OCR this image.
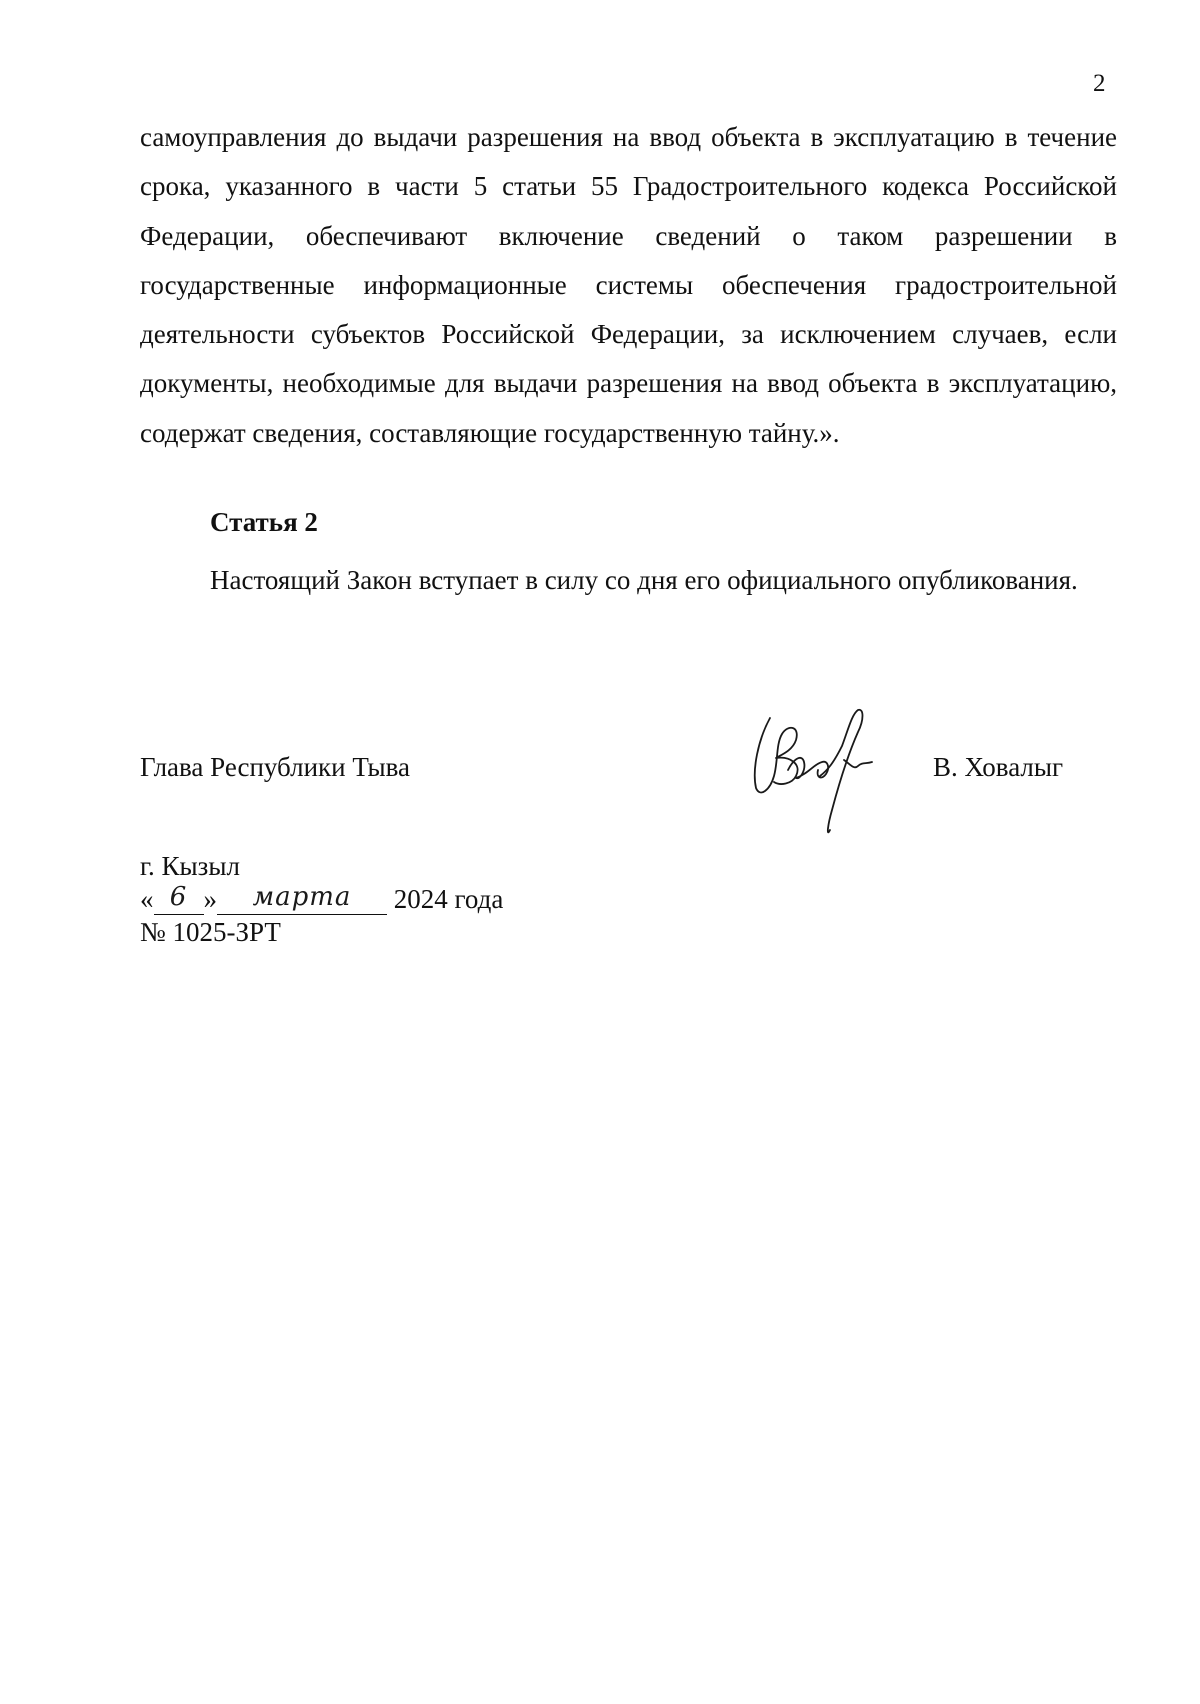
2

самоуправления до выдачи разрешения на ввод объекта в эксплуатацию в течение срока, указанного в части 5 статьи 55 Градостроительного кодекса Российской Федерации, обеспечивают включение сведений о таком разрешении в государственные информационные системы обеспечения градостроительной деятельности субъектов Российской Федерации, за исключением случаев, если документы, необходимые для выдачи разрешения на ввод объекта в эксплуатацию, содержат сведения, составляющие государственную тайну.».

Статья 2

Настоящий Закон вступает в силу со дня его официального опубликования.

Глава Республики Тыва	В. Ховалыг
г. Кызыл
« 6 »	марта	2024 года
№ 1025-ЗРТ
